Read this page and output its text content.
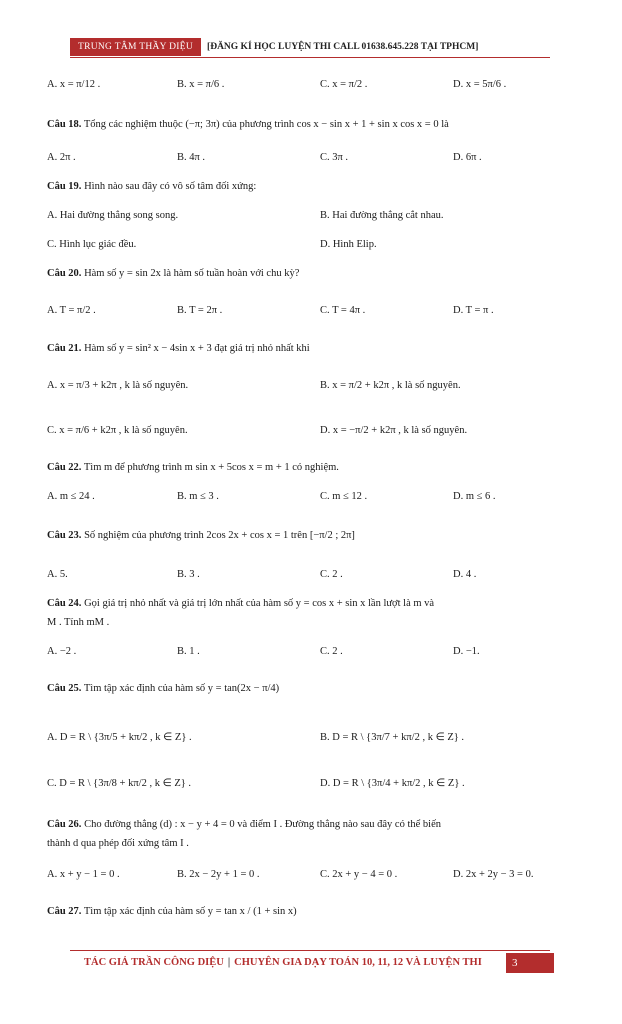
TRUNG TÂM THẦY DIỆU	[ĐĂNG KÍ HỌC LUYỆN THI CALL 01638.645.228 TẠI TPHCM]
A. x = π/12 .	B. x = π/6 .	C. x = π/2 .	D. x = 5π/6 .
Câu 18. Tổng các nghiệm thuộc (−π; 3π) của phương trình cos x − sin x + 1 + sin x cos x = 0 là
A. 2π .	B. 4π .	C. 3π .	D. 6π .
Câu 19. Hình nào sau đây có vô số tâm đối xứng:
A. Hai đường thẳng song song.	B. Hai đường thẳng cắt nhau.
C. Hình lục giác đều.	D. Hình Elip.
Câu 20. Hàm số y = sin 2x là hàm số tuần hoàn với chu kỳ?
A. T = π/2 .	B. T = 2π .	C. T = 4π .	D. T = π .
Câu 21. Hàm số y = sin² x − 4sin x + 3 đạt giá trị nhỏ nhất khi
A. x = π/3 + k2π , k là số nguyên.	B. x = π/2 + k2π , k là số nguyên.
C. x = π/6 + k2π , k là số nguyên.	D. x = −π/2 + k2π , k là số nguyên.
Câu 22. Tìm m để phương trình m sin x + 5cos x = m + 1 có nghiệm.
A. m ≤ 24 .	B. m ≤ 3 .	C. m ≤ 12 .	D. m ≤ 6 .
Câu 23. Số nghiệm của phương trình 2cos 2x + cos x = 1 trên [−π/2 ; 2π]
A. 5.	B. 3 .	C. 2 .	D. 4 .
Câu 24. Gọi giá trị nhỏ nhất và giá trị lớn nhất của hàm số y = cos x + sin x lần lượt là m và
M . Tính mM .
A. −2 .	B. 1 .	C. 2 .	D. −1.
Câu 25. Tìm tập xác định của hàm số y = tan(2x − π/4)
A. D = R \ {3π/5 + kπ/2 , k ∈ Z} .	B. D = R \ {3π/7 + kπ/2 , k ∈ Z} .
C. D = R \ {3π/8 + kπ/2 , k ∈ Z} .	D. D = R \ {3π/4 + kπ/2 , k ∈ Z} .
Câu 26. Cho đường thẳng (d) : x − y + 4 = 0 và điểm I . Đường thẳng nào sau đây có thể biến
thành d qua phép đối xứng tâm I .
A. x + y − 1 = 0 .	B. 2x − 2y + 1 = 0 .	C. 2x + y − 4 = 0 .	D. 2x + 2y − 3 = 0.
Câu 27. Tìm tập xác định của hàm số y = tan x / (1 + sin x)
TÁC GIẢ TRẦN CÔNG DIỆU | CHUYÊN GIA DẠY TOÁN 10, 11, 12 VÀ LUYỆN THI	3
